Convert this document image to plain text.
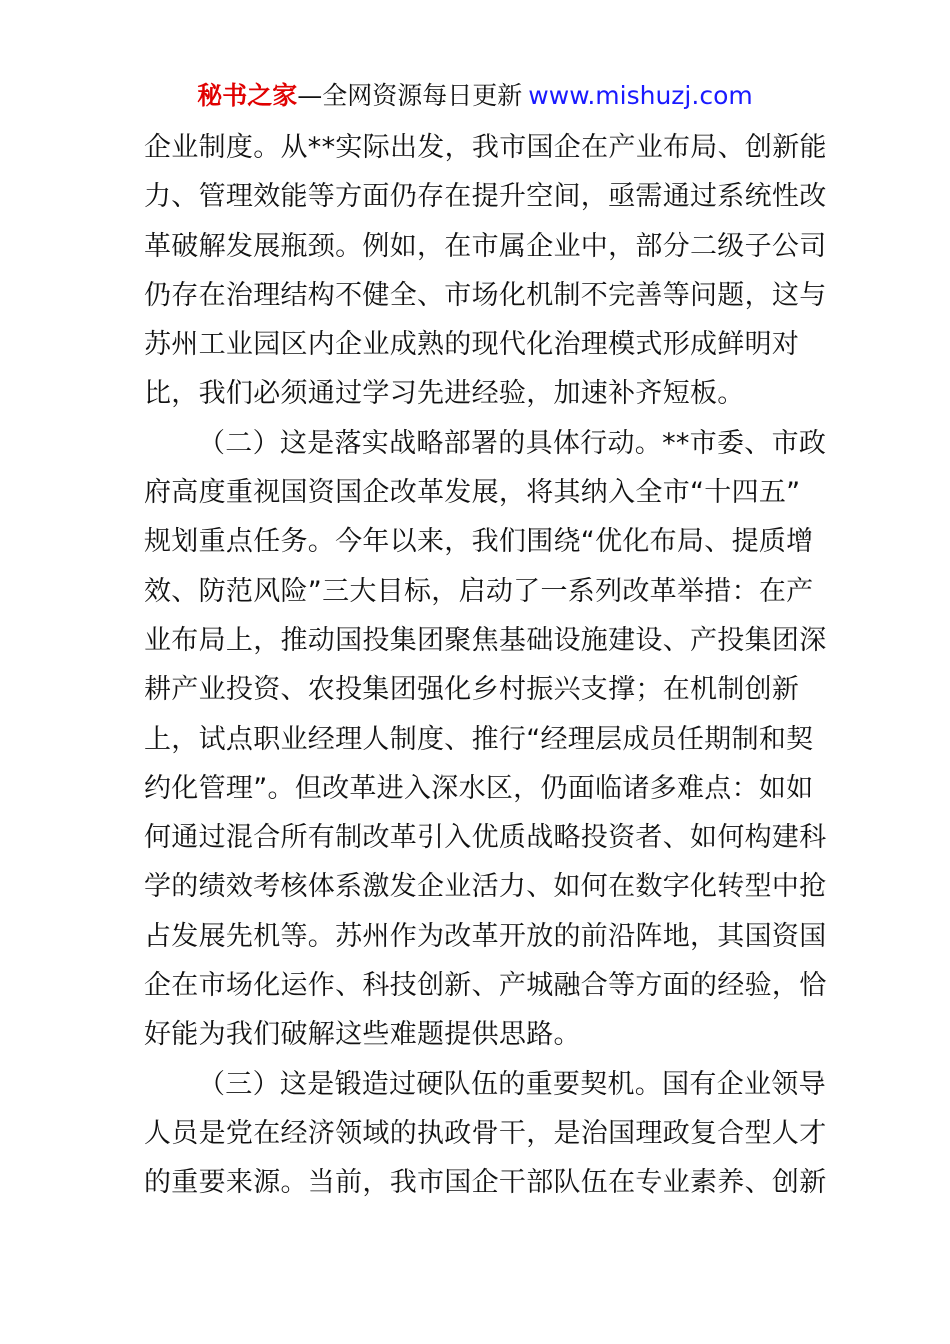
秘书之家—全网资源每日更新 www.mishuzj.com
企业制度。从**实际出发，我市国企在产业布局、创新能
力、管理效能等方面仍存在提升空间，亟需通过系统性改
革破解发展瓶颈。例如，在市属企业中，部分二级子公司
仍存在治理结构不健全、市场化机制不完善等问题，这与
苏州工业园区内企业成熟的现代化治理模式形成鲜明对
比，我们必须通过学习先进经验，加速补齐短板。
（二）这是落实战略部署的具体行动。**市委、市政
府高度重视国资国企改革发展，将其纳入全市“十四五”
规划重点任务。今年以来，我们围绕“优化布局、提质增
效、防范风险”三大目标，启动了一系列改革举措：在产
业布局上，推动国投集团聚焦基础设施建设、产投集团深
耕产业投资、农投集团强化乡村振兴支撑；在机制创新
上，试点职业经理人制度、推行“经理层成员任期制和契
约化管理”。但改革进入深水区，仍面临诸多难点：如如
何通过混合所有制改革引入优质战略投资者、如何构建科
学的绩效考核体系激发企业活力、如何在数字化转型中抢
占发展先机等。苏州作为改革开放的前沿阵地，其国资国
企在市场化运作、科技创新、产城融合等方面的经验，恰
好能为我们破解这些难题提供思路。
（三）这是锻造过硬队伍的重要契机。国有企业领导
人员是党在经济领域的执政骨干，是治国理政复合型人才
的重要来源。当前，我市国企干部队伍在专业素养、创新
